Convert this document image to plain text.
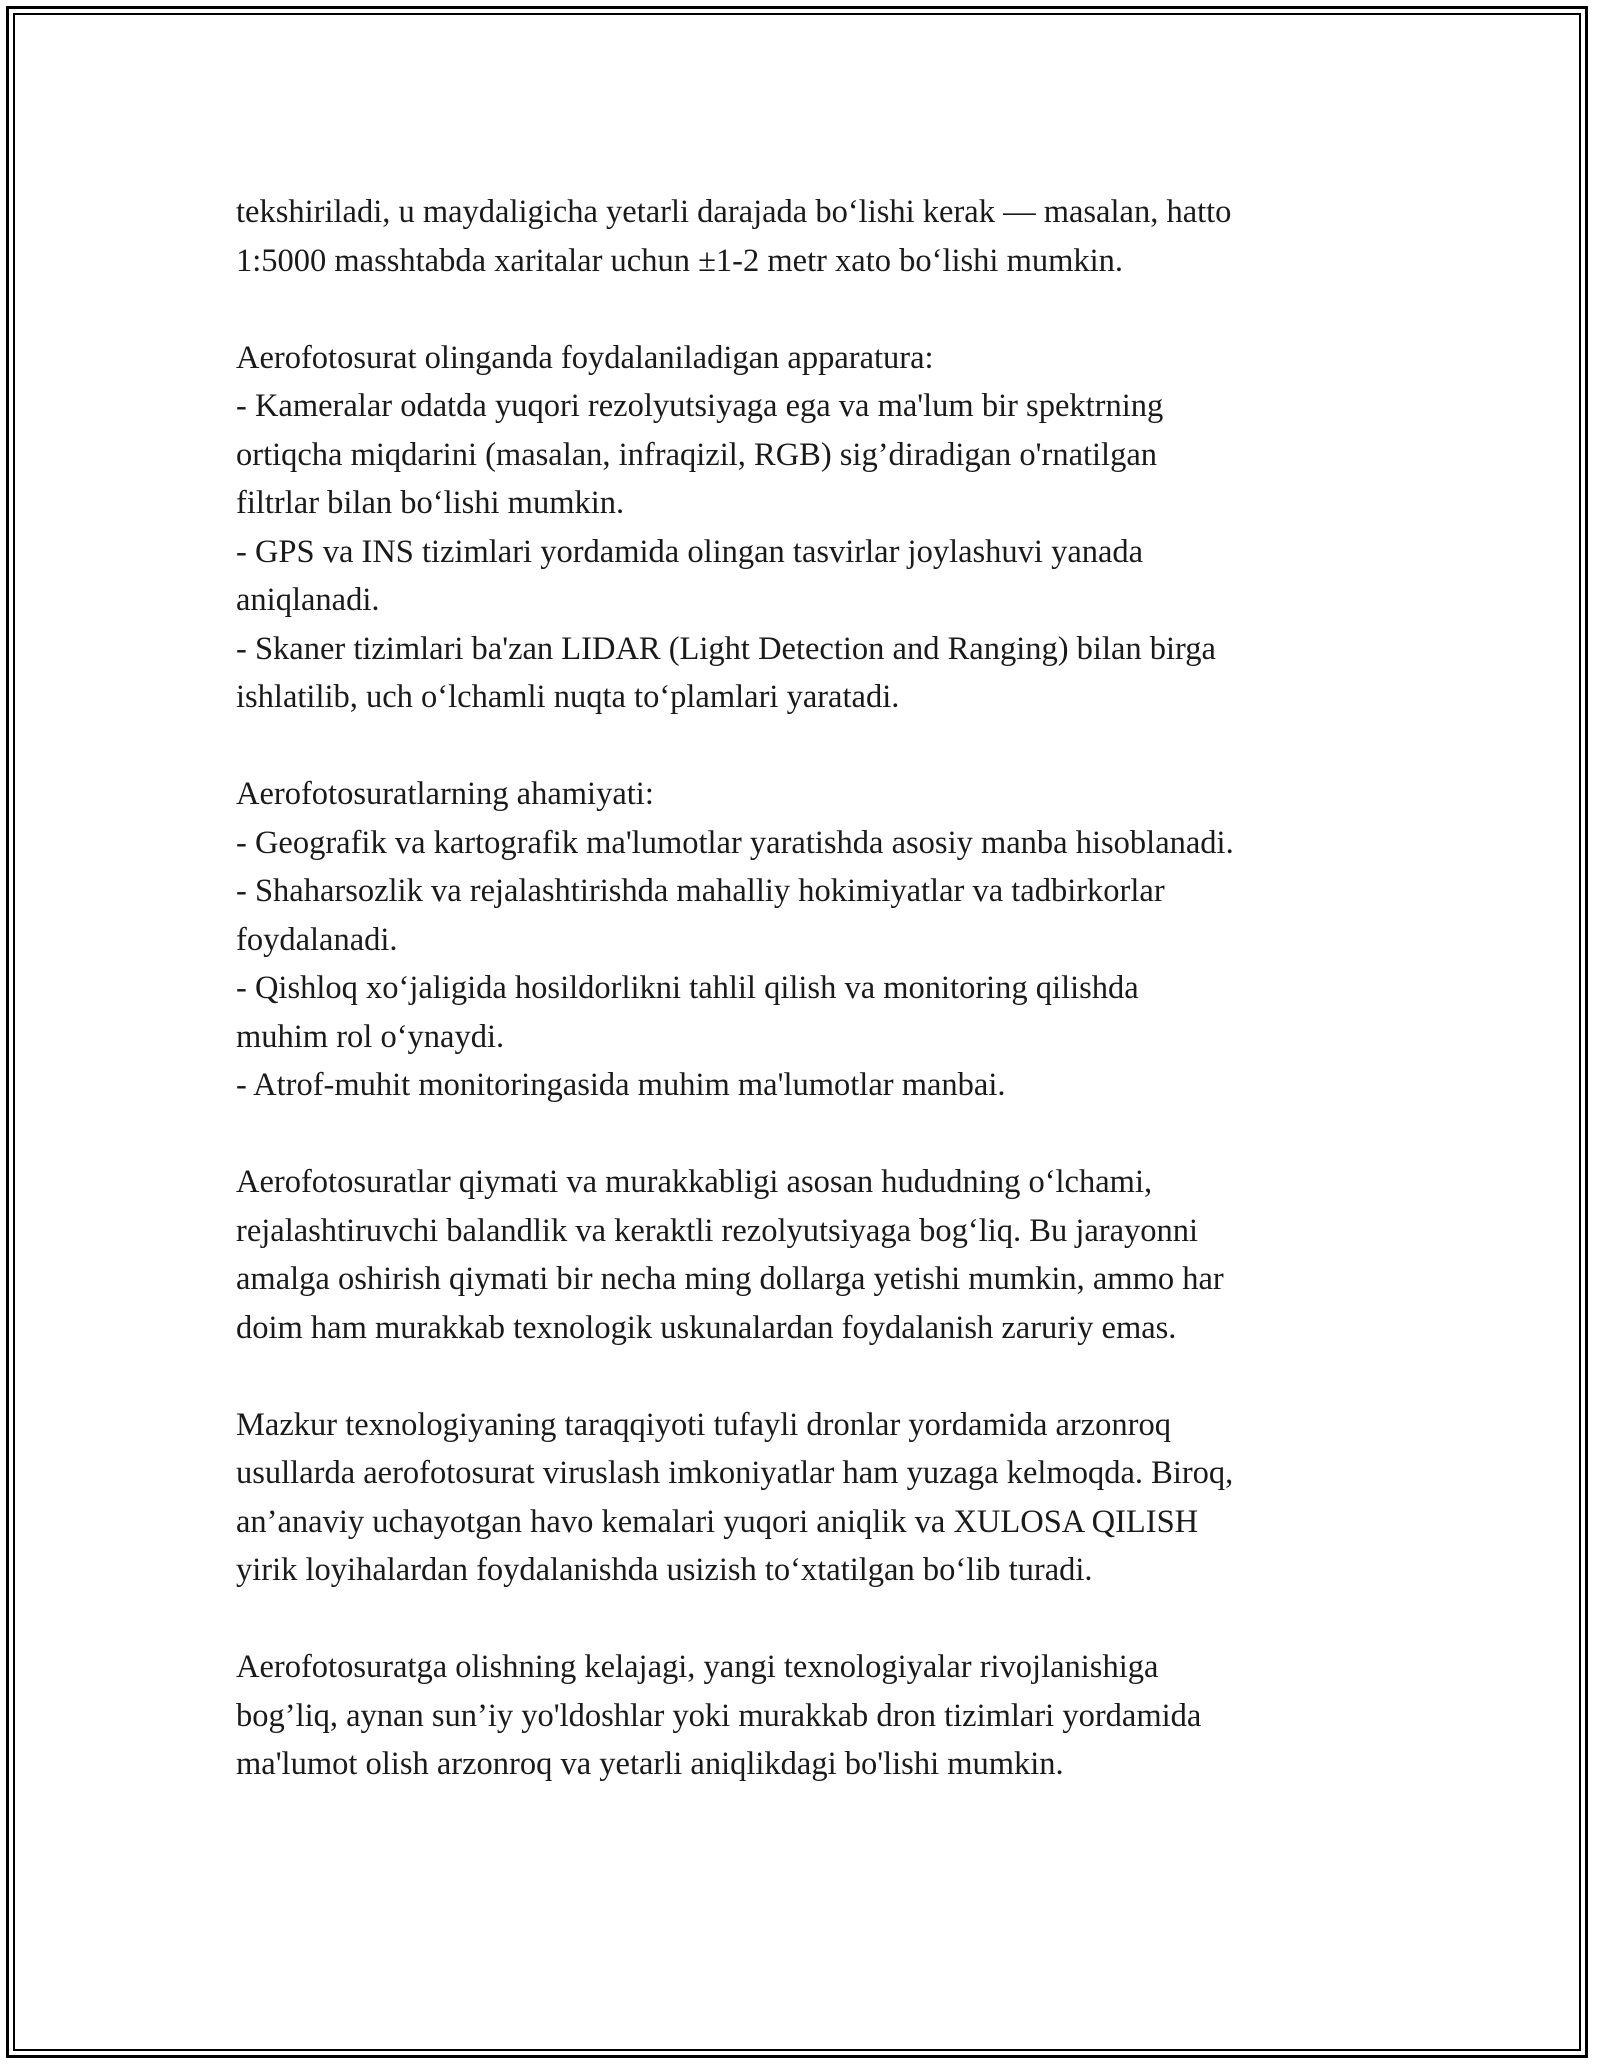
tekshiriladi, u maydaligicha yetarli darajada bo‘lishi kerak — masalan, hatto
1:5000 masshtabda xaritalar uchun ±1-2 metr xato bo‘lishi mumkin.
Aerofotosurat olinganda foydalaniladigan apparatura:
- Kameralar odatda yuqori rezolyutsiyaga ega va ma'lum bir spektrning
ortiqcha miqdarini (masalan, infraqizil, RGB) sig’diradigan o'rnatilgan
filtrlar bilan bo‘lishi mumkin.
- GPS va INS tizimlari yordamida olingan tasvirlar joylashuvi yanada
aniqlanadi.
- Skaner tizimlari ba'zan LIDAR (Light Detection and Ranging) bilan birga
ishlatilib, uch o‘lchamli nuqta to‘plamlari yaratadi.
Aerofotosuratlarning ahamiyati:
- Geografik va kartografik ma'lumotlar yaratishda asosiy manba hisoblanadi.
- Shaharsozlik va rejalashtirishda mahalliy hokimiyatlar va tadbirkorlar
foydalanadi.
- Qishloq xo‘jaligida hosildorlikni tahlil qilish va monitoring qilishda
muhim rol o‘ynaydi.
- Atrof-muhit monitoringasida muhim ma'lumotlar manbai.
Aerofotosuratlar qiymati va murakkabligi asosan hududning o‘lchami,
rejalashtiruvchi balandlik va keraktli rezolyutsiyaga bog‘liq. Bu jarayonni
amalga oshirish qiymati bir necha ming dollarga yetishi mumkin, ammo har
doim ham murakkab texnologik uskunalardan foydalanish zaruriy emas.
Mazkur texnologiyaning taraqqiyoti tufayli dronlar yordamida arzonroq
usullarda aerofotosurat viruslash imkoniyatlar ham yuzaga kelmoqda. Biroq,
an’anaviy uchayotgan havo kemalari yuqori aniqlik va XULOSA QILISH
yirik loyihalardan foydalanishda usizish to‘xtatilgan bo‘lib turadi.
Aerofotosuratga olishning kelajagi, yangi texnologiyalar rivojlanishiga
bog’liq, aynan sun’iy yo'ldoshlar yoki murakkab dron tizimlari yordamida
ma'lumot olish arzonroq va yetarli aniqlikdagi bo'lishi mumkin.
